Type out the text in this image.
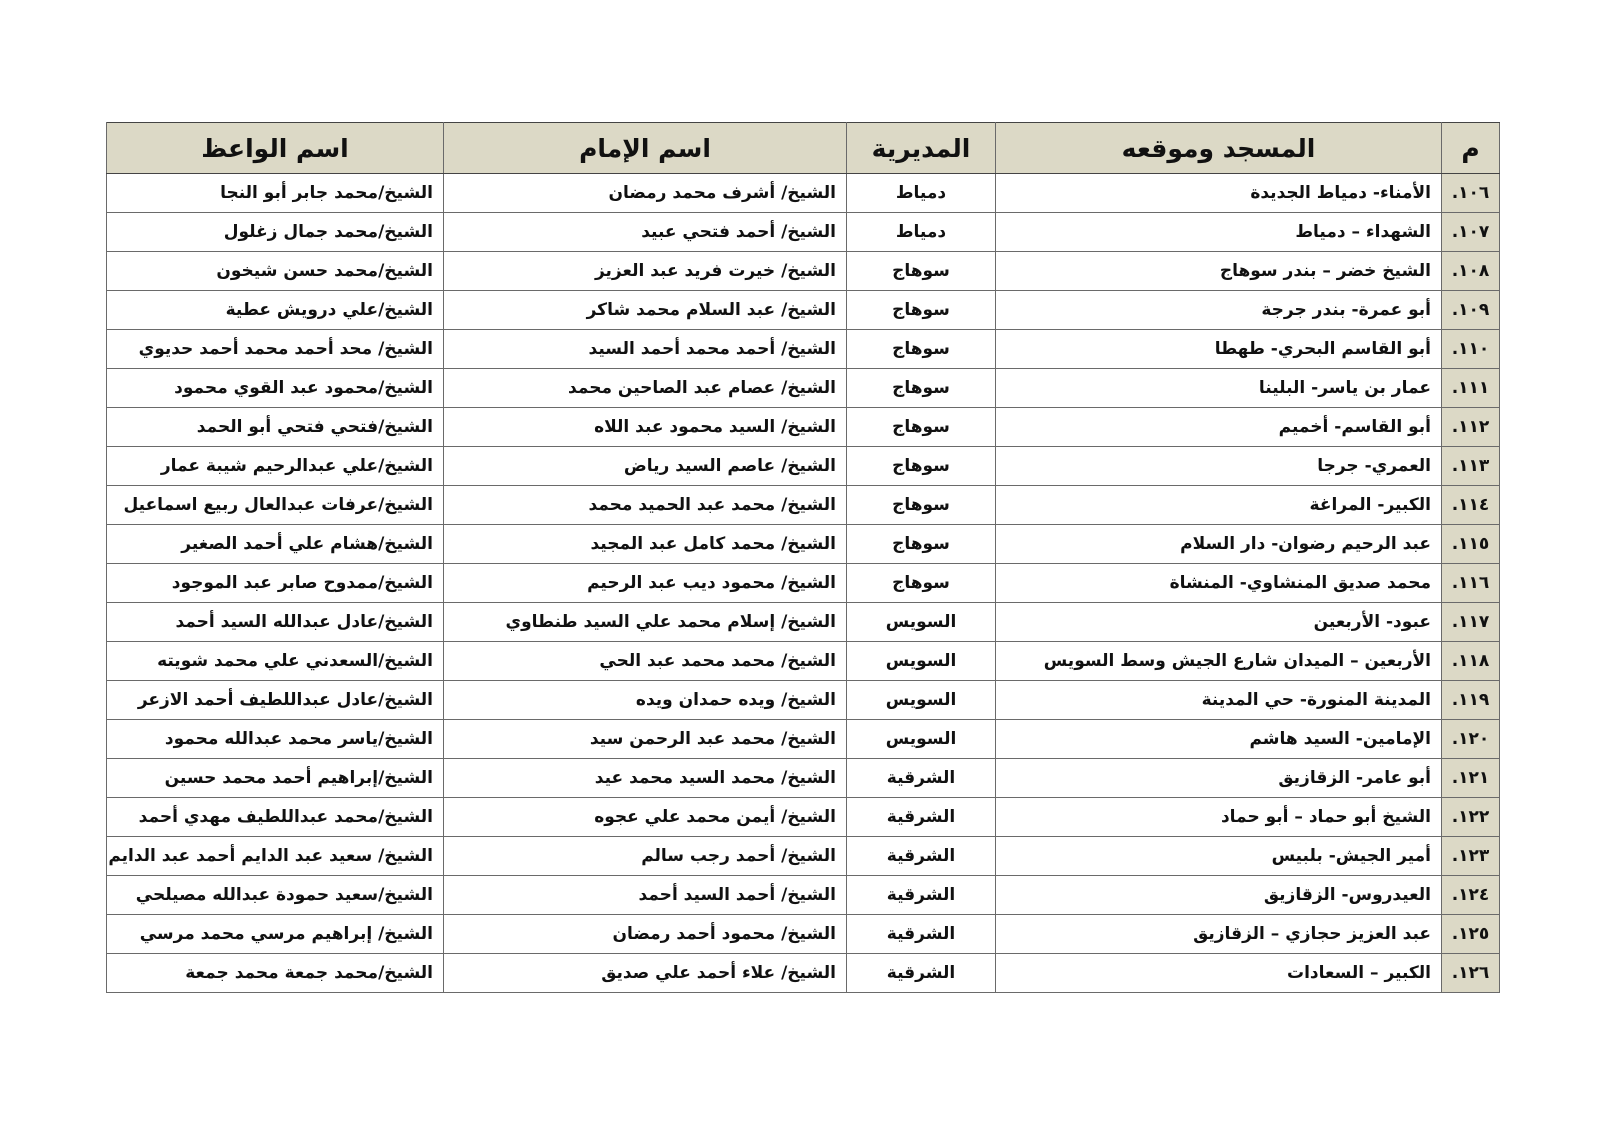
م	المسجد وموقعه	المديرية	اسم الإمام	اسم الواعظ
١٠٦.	الأمناء- دمياط الجديدة	دمياط	الشيخ/ أشرف محمد رمضان	الشيخ/محمد جابر أبو النجا
١٠٧.	الشهداء – دمياط	دمياط	الشيخ/ أحمد فتحي عبيد	الشيخ/محمد جمال زغلول
١٠٨.	الشيخ خضر – بندر سوهاج	سوهاج	الشيخ/ خيرت فريد عبد العزيز	الشيخ/محمد حسن شيخون
١٠٩.	أبو عمرة- بندر جرجة	سوهاج	الشيخ/ عبد السلام محمد شاكر	الشيخ/علي درويش عطية
١١٠.	أبو القاسم البحري- طهطا	سوهاج	الشيخ/ أحمد محمد أحمد السيد	الشيخ/ محد أحمد محمد أحمد حديوي
١١١.	عمار بن ياسر- البلينا	سوهاج	الشيخ/ عصام عبد الصاحين محمد	الشيخ/محمود عبد القوي محمود
١١٢.	أبو القاسم- أخميم	سوهاج	الشيخ/ السيد محمود عبد اللاه	الشيخ/فتحي فتحي أبو الحمد
١١٣.	العمري- جرجا	سوهاج	الشيخ/ عاصم السيد رياض	الشيخ/علي عبدالرحيم شيبة عمار
١١٤.	الكبير- المراغة	سوهاج	الشيخ/ محمد عبد الحميد محمد	الشيخ/عرفات عبدالعال ربيع اسماعيل
١١٥.	عبد الرحيم رضوان- دار السلام	سوهاج	الشيخ/ محمد كامل عبد المجيد	الشيخ/هشام علي أحمد الصغير
١١٦.	محمد صديق المنشاوي- المنشاة	سوهاج	الشيخ/ محمود ديب عبد الرحيم	الشيخ/ممدوح صابر عبد الموجود
١١٧.	عبود- الأربعين	السويس	الشيخ/ إسلام محمد علي السيد طنطاوي	الشيخ/عادل عبدالله السيد أحمد
١١٨.	الأربعين – الميدان شارع الجيش وسط السويس	السويس	الشيخ/ محمد محمد عبد الحي	الشيخ/السعدني علي محمد شويته
١١٩.	المدينة المنورة- حي المدينة	السويس	الشيخ/ ويده حمدان ويده	الشيخ/عادل عبداللطيف أحمد الازعر
١٢٠.	الإمامين- السيد هاشم	السويس	الشيخ/ محمد عبد الرحمن سيد	الشيخ/ياسر محمد عبدالله محمود
١٢١.	أبو عامر- الزقازيق	الشرقية	الشيخ/ محمد السيد محمد عيد	الشيخ/إبراهيم أحمد محمد حسين
١٢٢.	الشيخ أبو حماد – أبو حماد	الشرقية	الشيخ/ أيمن محمد علي عجوه	الشيخ/محمد عبداللطيف مهدي أحمد
١٢٣.	أمير الجيش- بلبيس	الشرقية	الشيخ/ أحمد رجب سالم	الشيخ/ سعيد عبد الدايم أحمد عبد الدايم
١٢٤.	العيدروس- الزقازيق	الشرقية	الشيخ/ أحمد السيد أحمد	الشيخ/سعيد حمودة عبدالله مصيلحي
١٢٥.	عبد العزيز حجازي – الزقازيق	الشرقية	الشيخ/ محمود أحمد رمضان	الشيخ/ إبراهيم مرسي محمد مرسي
١٢٦.	الكبير – السعادات	الشرقية	الشيخ/ علاء أحمد علي صديق	الشيخ/محمد جمعة محمد جمعة
